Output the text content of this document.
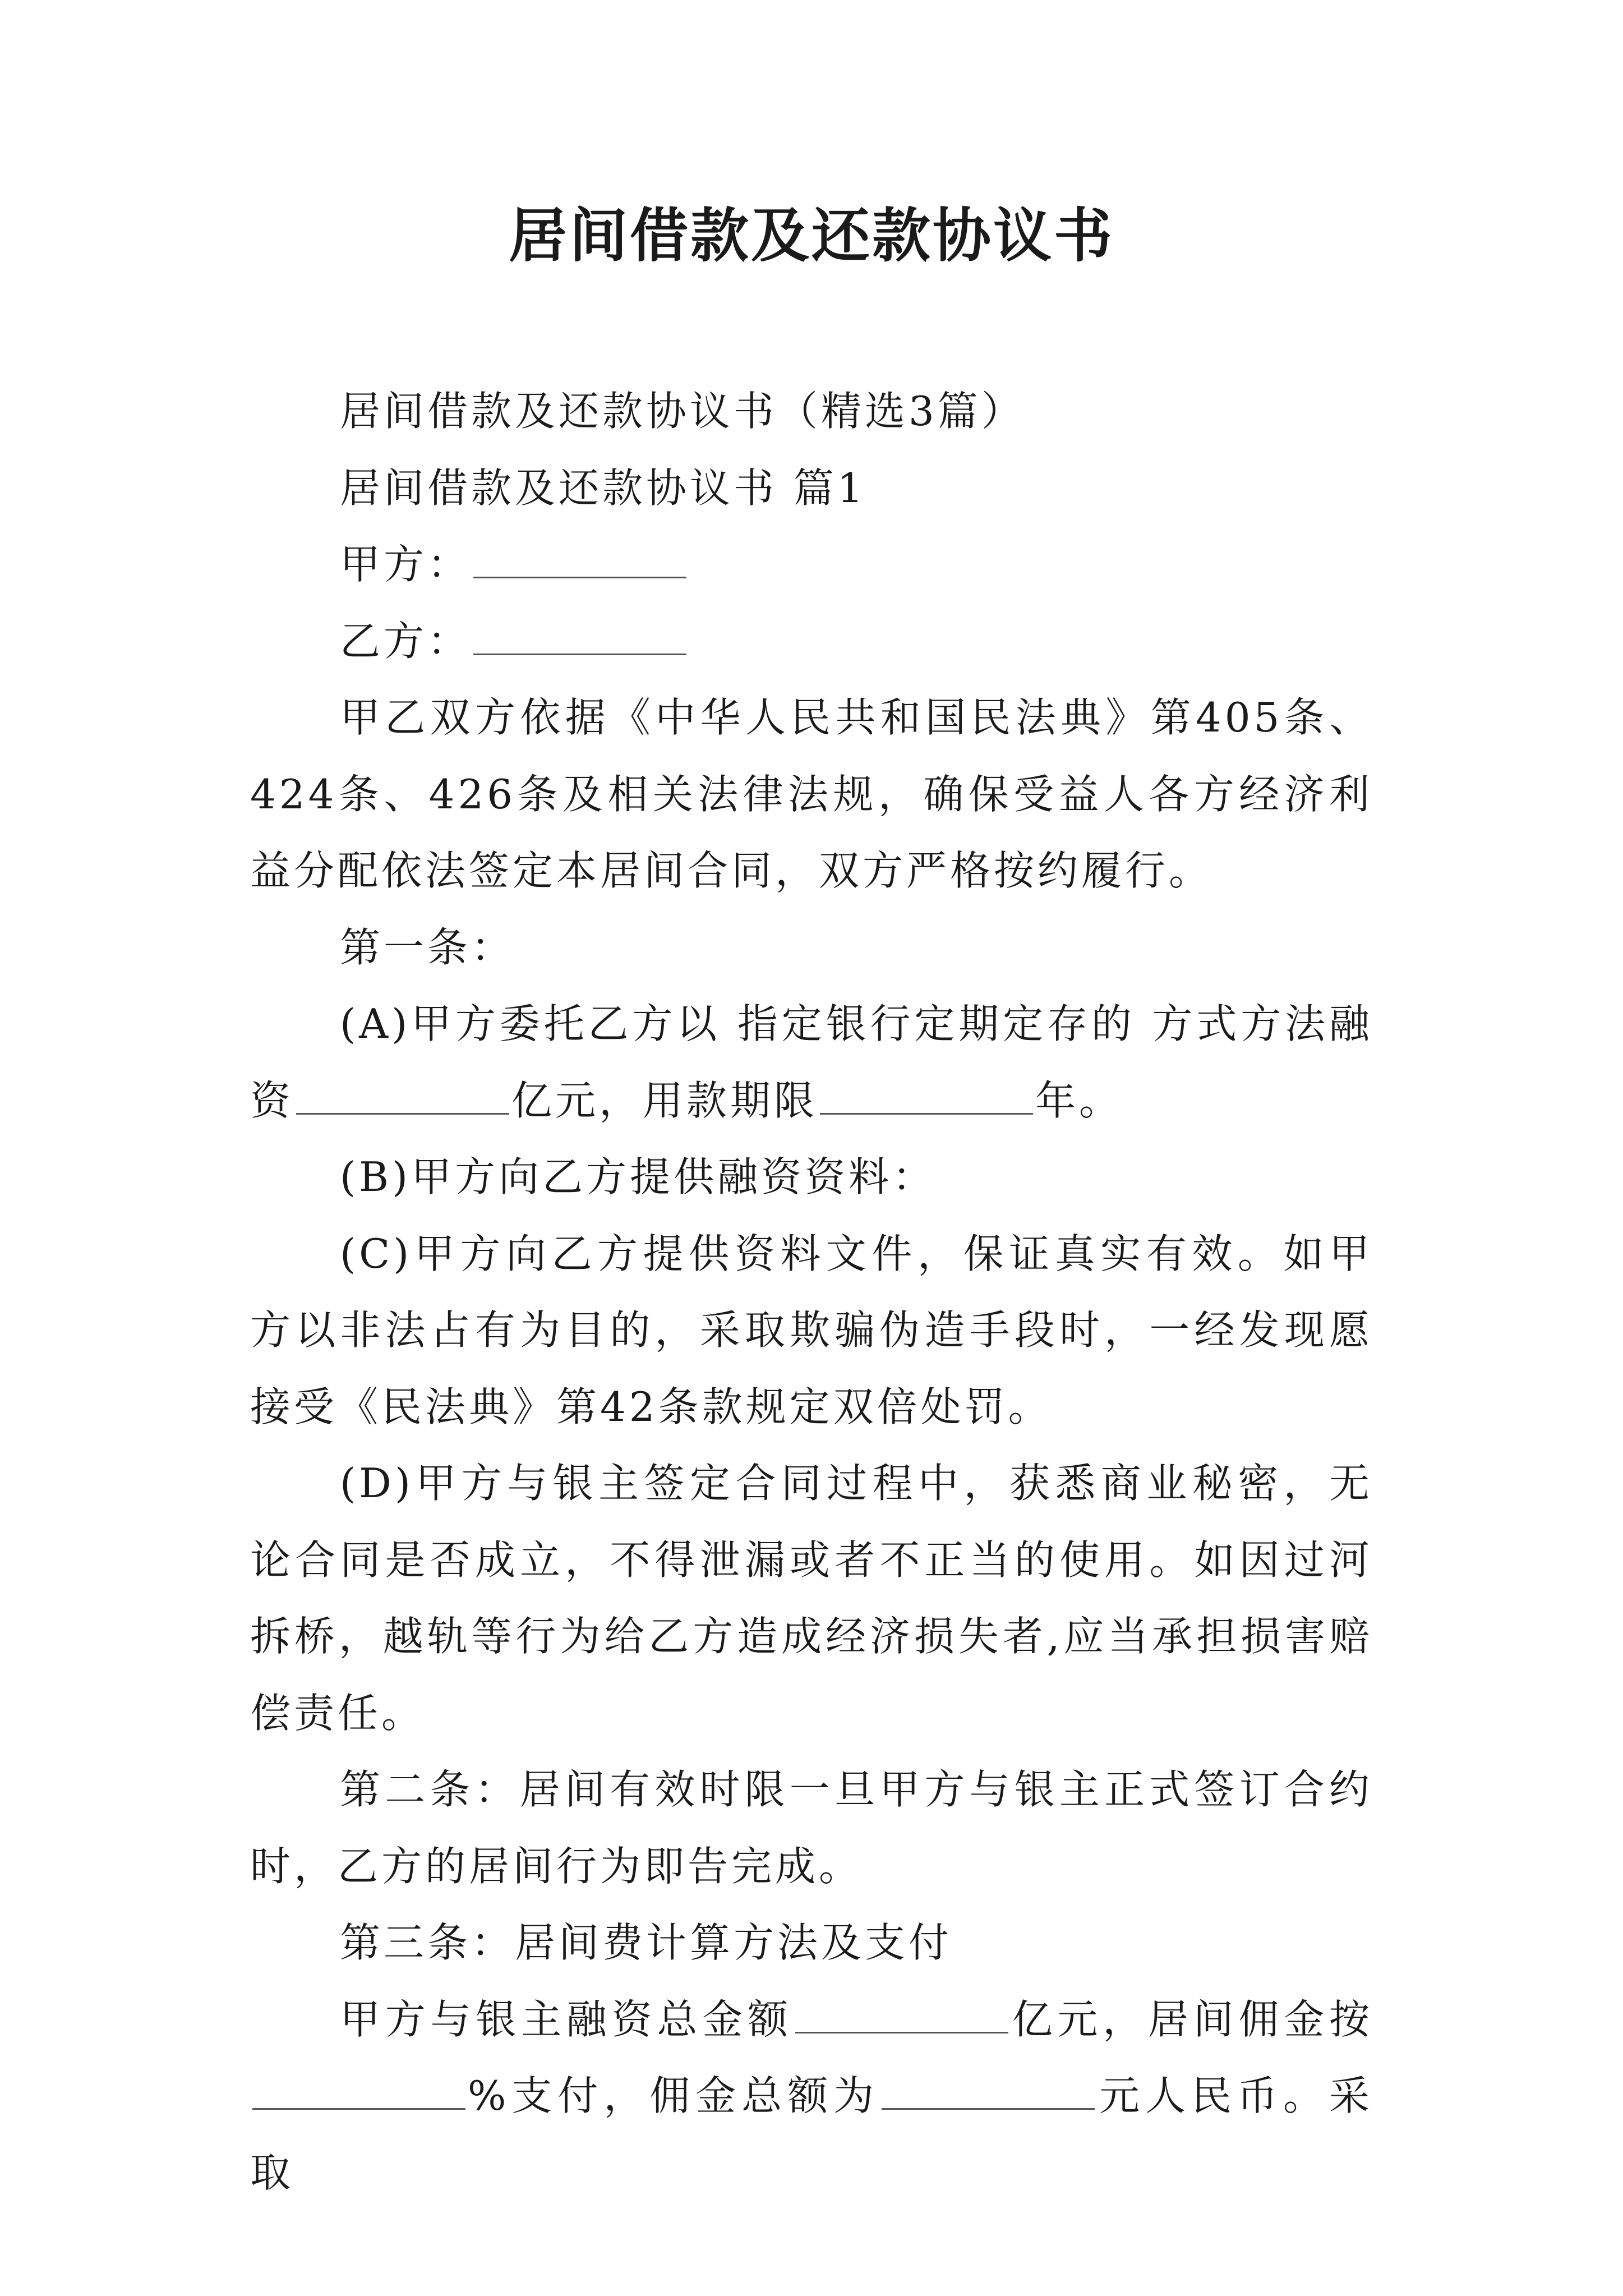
居间借款及还款协议书

居间借款及还款协议书（精选3篇）

居间借款及还款协议书 篇1

甲方：

乙方：

甲乙双方依据《中华人民共和国民法典》第405条、424条、426条及相关法律法规，确保受益人各方经济利益分配依法签定本居间合同，双方严格按约履行。

第一条：

(A)甲方委托乙方以 指定银行定期定存的 方式方法融资	亿元，用款期限	年。

(B)甲方向乙方提供融资资料：

(C)甲方向乙方提供资料文件，保证真实有效。如甲方以非法占有为目的，采取欺骗伪造手段时，一经发现愿接受《民法典》第42条款规定双倍处罚。

(D)甲方与银主签定合同过程中，获悉商业秘密，无论合同是否成立，不得泄漏或者不正当的使用。如因过河拆桥，越轨等行为给乙方造成经济损失者,应当承担损害赔偿责任。

第二条：居间有效时限一旦甲方与银主正式签订合约时，乙方的居间行为即告完成。

第三条：居间费计算方法及支付

甲方与银主融资总金额	亿元，居间佣金按%支付，佣金总额为	元人民币。采取
